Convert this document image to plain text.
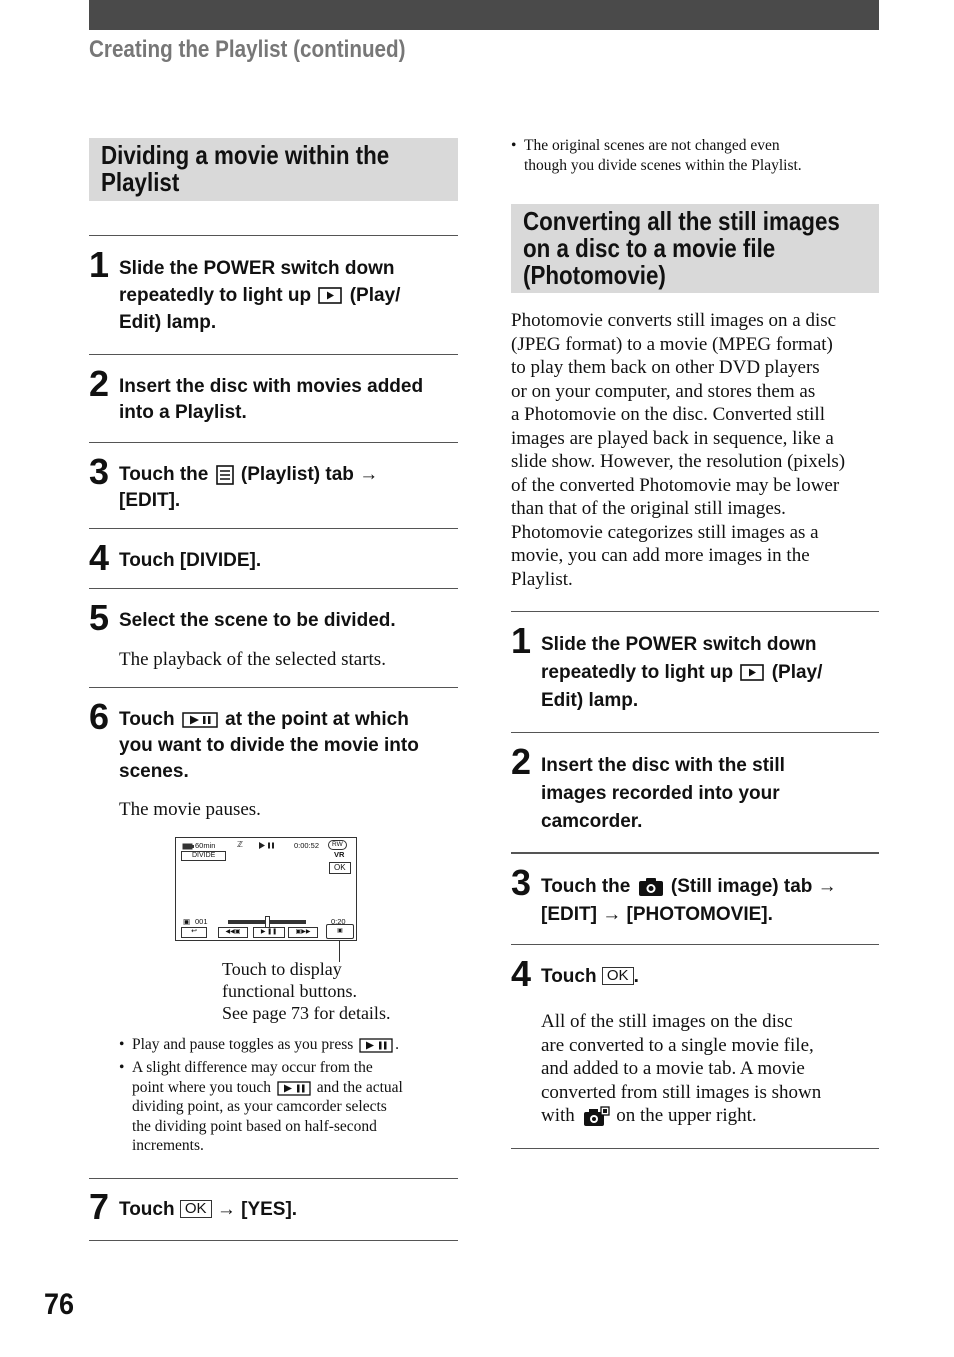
Creating the Playlist (continued)
Dividing a movie within the
Playlist
1 Slide the POWER switch down
repeatedly to light up (Play/
Edit) lamp.
2 Insert the disc with movies added
into a Playlist.
3 Touch the (Playlist) tab →
[EDIT].
4 Touch [DIVIDE].
5 Select the scene to be divided.
The playback of the selected starts.
6 Touch	at the point at which
you want to divide the movie into
scenes.
The movie pauses.
60min	ℤ	0:00:52	RW
DIVIDE	VR
OK
▣ 001	0:20
↩	◀◀▣	▶ ❚❚	▣▶▶	▣
Touch to display
functional buttons.
See page 73 for details.
• Play and pause toggles as you press	.
• A slight difference may occur from the
point where you touch	and the actual
dividing point, as your camcorder selects
the dividing point based on half-second
increments.
7 Touch OK → [YES].
• The original scenes are not changed even
though you divide scenes within the Playlist.
Converting all the still images
on a disc to a movie file
(Photomovie)
Photomovie converts still images on a disc
(JPEG format) to a movie (MPEG format)
to play them back on other DVD players
or on your computer, and stores them as
a Photomovie on the disc. Converted still
images are played back in sequence, like a
slide show. However, the resolution (pixels)
of the converted Photomovie may be lower
than that of the original still images.
Photomovie categorizes still images as a
movie, you can add more images in the
Playlist.
1 Slide the POWER switch down
repeatedly to light up (Play/
Edit) lamp.
2 Insert the disc with the still
images recorded into your
camcorder.
3 Touch the (Still image) tab →
[EDIT] → [PHOTOMOVIE].
4 Touch OK .
All of the still images on the disc
are converted to a single movie file,
and added to a movie tab. A movie
converted from still images is shown
with on the upper right.
76
